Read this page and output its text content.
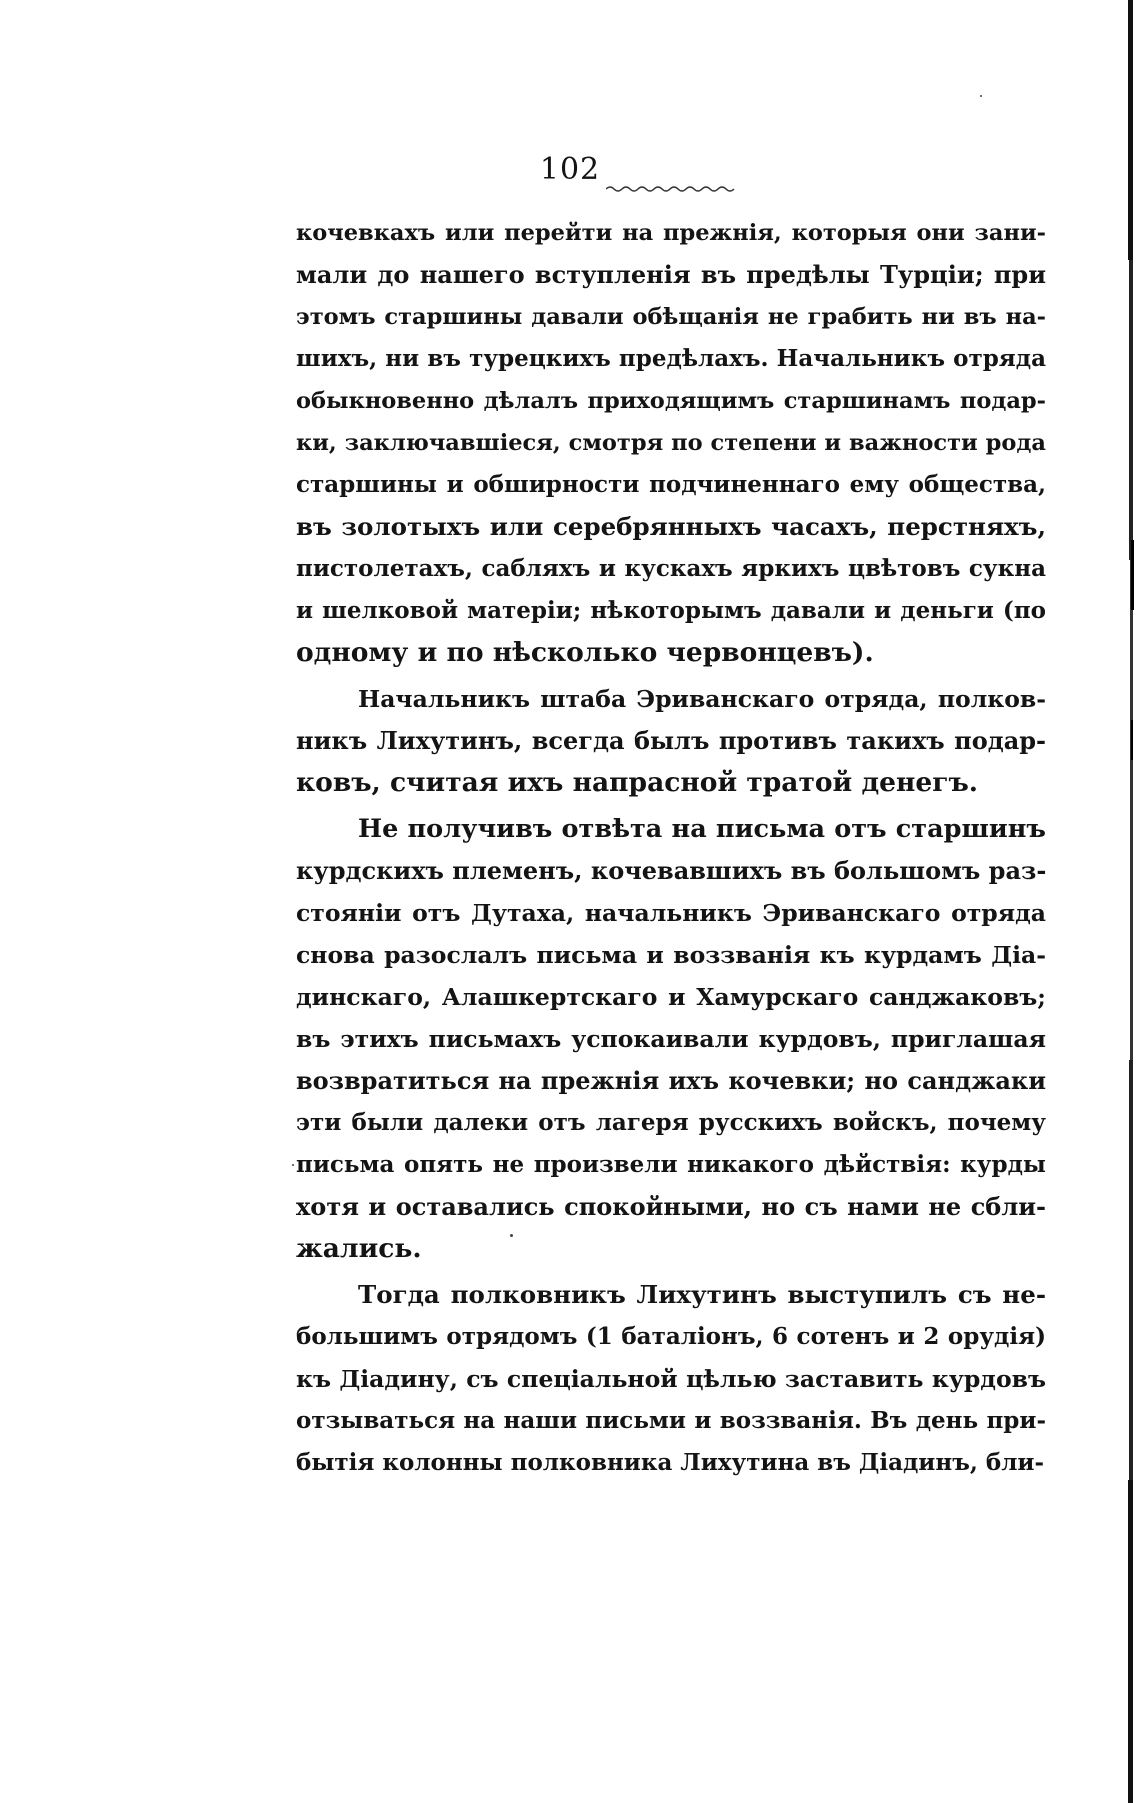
102
кочевкахъ или перейти на прежнія, которыя они зани-
мали до нашего вступленія въ предѣлы Турціи; при
этомъ старшины давали обѣщанія не грабить ни въ на-
шихъ, ни въ турецкихъ предѣлахъ. Начальникъ отряда
обыкновенно дѣлалъ приходящимъ старшинамъ подар-
ки, заключавшіеся, смотря по степени и важности рода
старшины и обширности подчиненнаго ему общества,
въ золотыхъ или серебрянныхъ часахъ, перстняхъ,
пистолетахъ, сабляхъ и кускахъ яркихъ цвѣтовъ сукна
и шелковой матеріи; нѣкоторымъ давали и деньги (по
одному и по нѣсколько червонцевъ).
Начальникъ штаба Эриванскаго отряда, полков-
никъ Лихутинъ, всегда былъ противъ такихъ подар-
ковъ, считая ихъ напрасной тратой денегъ.
Не получивъ отвѣта на письма отъ старшинъ
курдскихъ племенъ, кочевавшихъ въ большомъ раз-
стояніи отъ Дутаха, начальникъ Эриванскаго отряда
снова разослалъ письма и воззванія къ курдамъ Діа-
динскаго, Алашкертскаго и Хамурскаго санджаковъ;
въ этихъ письмахъ успокаивали курдовъ, приглашая
возвратиться на прежнія ихъ кочевки; но санджаки
эти были далеки отъ лагеря русскихъ войскъ, почему
письма опять не произвели никакого дѣйствія: курды
хотя и оставались спокойными, но съ нами не сбли-
жались.
Тогда полковникъ Лихутинъ выступилъ съ не-
большимъ отрядомъ (1 баталіонъ, 6 сотенъ и 2 орудія)
къ Діадину, съ спеціальной цѣлью заставить курдовъ
отзываться на наши письми и воззванія. Въ день при-
бытія колонны полковника Лихутина въ Діадинъ, бли-
